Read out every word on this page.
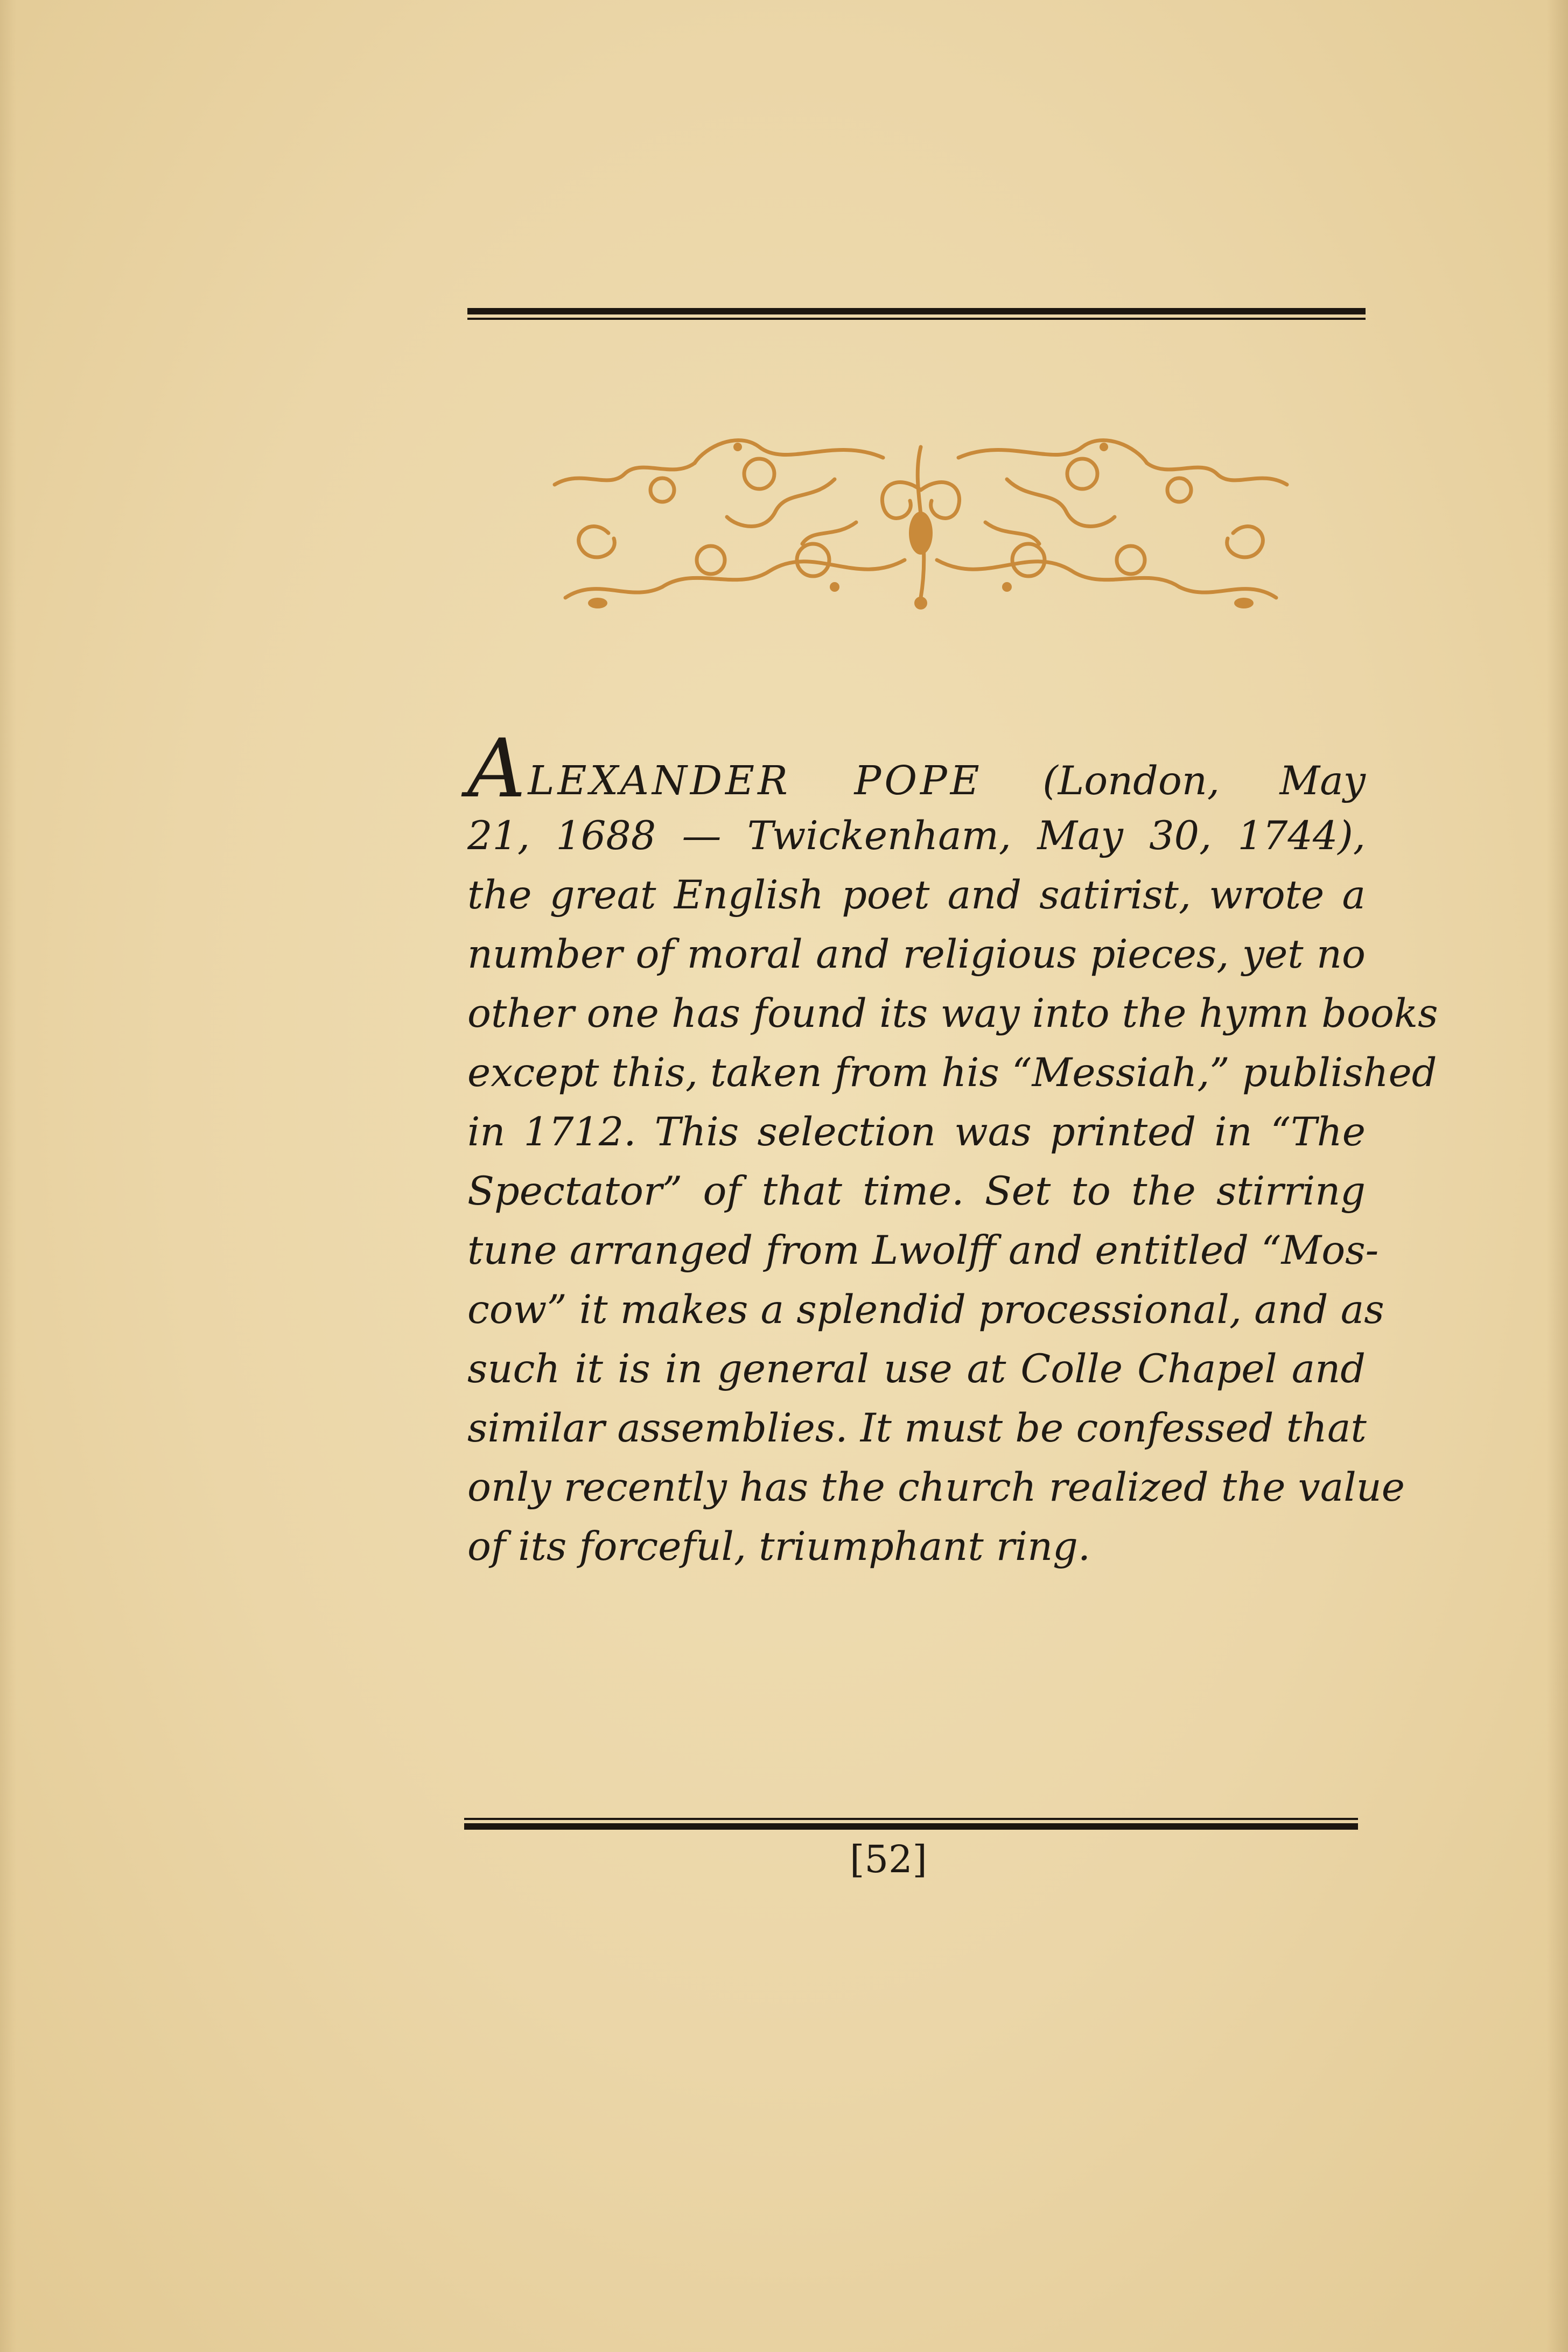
ALEXANDER POPE (London, May
21, 1688 — Twickenham, May 30, 1744),
the great English poet and satirist, wrote a
number of moral and religious pieces, yet no
other one has found its way into the hymn books
except this, taken from his “Messiah,” published
in 1712. This selection was printed in “The
Spectator” of that time. Set to the stirring
tune arranged from Lwolff and entitled “Mos-
cow” it makes a splendid processional, and as
such it is in general use at Colle Chapel and
similar assemblies. It must be confessed that
only recently has the church realized the value
of its forceful, triumphant ring.
[52]
